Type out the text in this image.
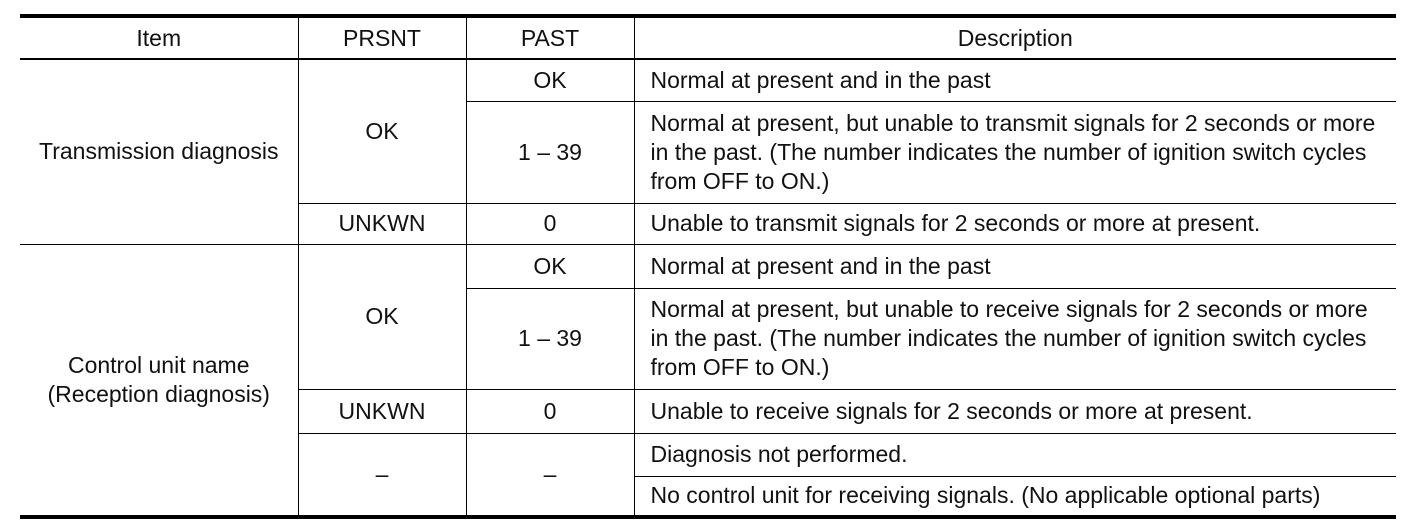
Item	PRSNT	PAST	Description

Transmission diagnosis	OK	OK	Normal at present and in the past
		1 – 39	Normal at present, but unable to transmit signals for 2 seconds or more in the past. (The number indicates the number of ignition switch cycles from OFF to ON.)
	UNKWN	0	Unable to transmit signals for 2 seconds or more at present.

Control unit name
(Reception diagnosis)	OK	OK	Normal at present and in the past
		1 – 39	Normal at present, but unable to receive signals for 2 seconds or more in the past. (The number indicates the number of ignition switch cycles from OFF to ON.)
	UNKWN	0	Unable to receive signals for 2 seconds or more at present.
	–	–	Diagnosis not performed.
			No control unit for receiving signals. (No applicable optional parts)
